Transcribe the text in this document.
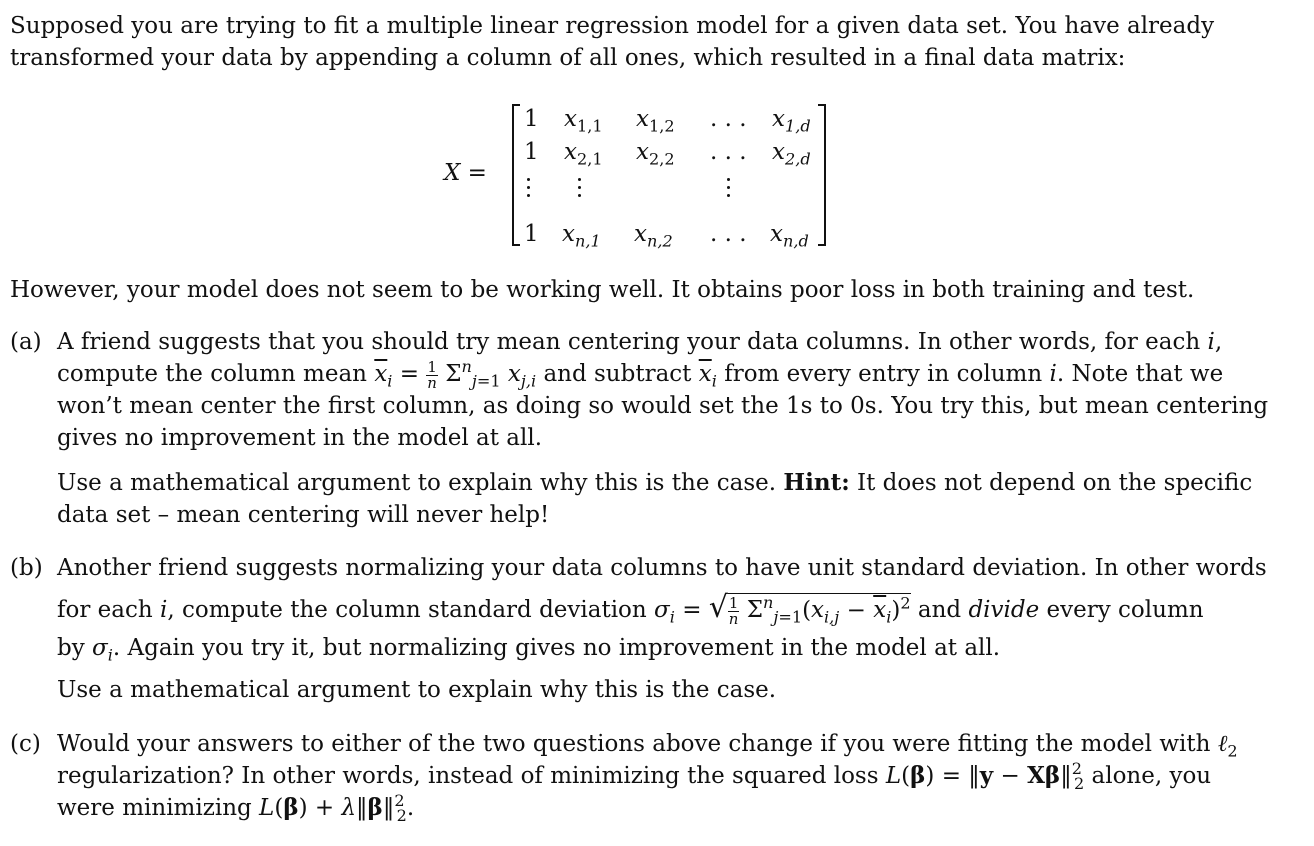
Supposed you are trying to fit a multiple linear regression model for a given data set. You have already
transformed your data by appending a column of all ones, which resulted in a final data matrix:
X =
1 $x_{1,1}$ $x_{1,2}$ . . . $x_{1,d}$
1 $x_{2,1}$ $x_{2,2}$ . . . $x_{2,d}$
1 $x_{n,1}$ $x_{n,2}$ . . . $x_{n,d}$
However, your model does not seem to be working well. It obtains poor loss in both training and test.
(a) A friend suggests that you should try mean centering your data columns. In other words, for each i,
compute the column mean $\overline{x}_i = \frac{1}{n} \Sigma^n_{j=1}$ $x_{j,i}$ and subtract $\overline{x}_i$ from every entry in column i. Note that we
won’t mean center the first column, as doing so would set the 1s to 0s. You try this, but mean centering
gives no improvement in the model at all.
Use a mathematical argument to explain why this is the case. Hint: It does not depend on the specific
data set – mean centering will never help!
(b) Another friend suggests normalizing your data columns to have unit standard deviation. In other words
for each i, compute the column standard deviation $\sigma_i$ = √ $\frac{1}{n} \Sigma^n_{j=1}(x_{i,j} - \overline{x}_i)^2$ and divide every column
by $\sigma_i$. Again you try it, but normalizing gives no improvement in the model at all.
Use a mathematical argument to explain why this is the case.
(c) Would your answers to either of the two questions above change if you were fitting the model with ℓ$_2$
regularization? In other words, instead of minimizing the squared loss L(β) = ‖y − Xβ‖$^2_2$ alone, you
were minimizing L(β) + λ‖β‖$^2_2$.
